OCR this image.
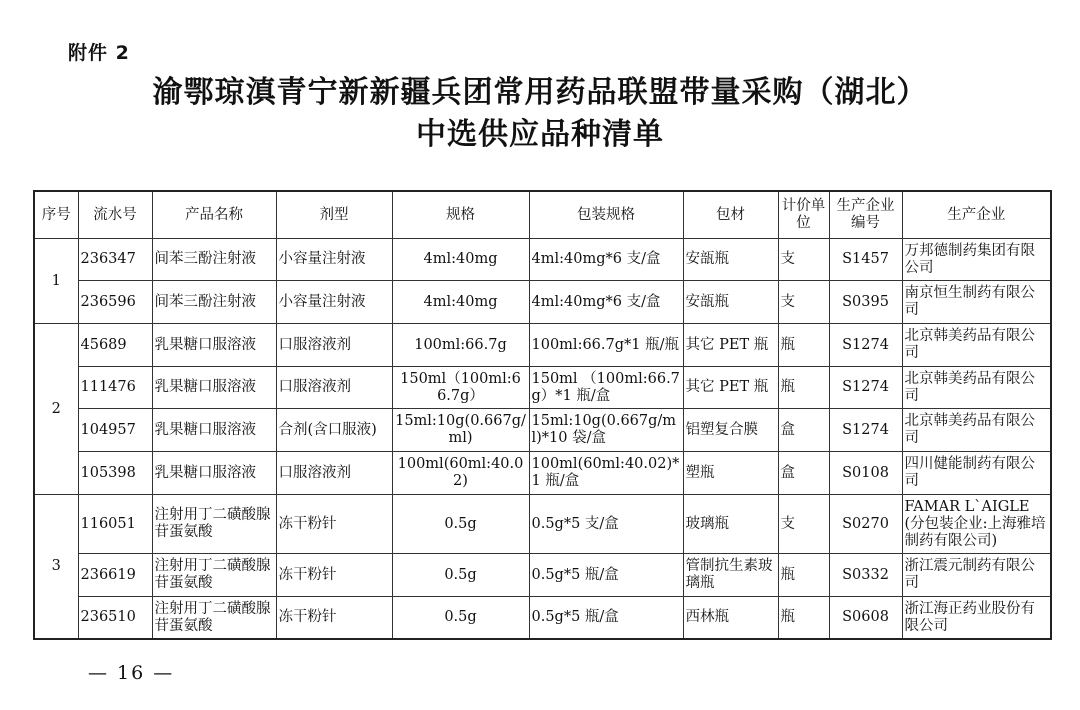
附件 2
渝鄂琼滇青宁新新疆兵团常用药品联盟带量采购（湖北）
中选供应品种清单
序号	流水号	产品名称	剂型	规格	包装规格	包材	计价单位	生产企业编号	生产企业
1	236347	间苯三酚注射液	小容量注射液	4ml:40mg	4ml:40mg*6 支/盒	安瓿瓶	支	S1457	万邦德制药集团有限公司
	236596	间苯三酚注射液	小容量注射液	4ml:40mg	4ml:40mg*6 支/盒	安瓿瓶	支	S0395	南京恒生制药有限公司
2	45689	乳果糖口服溶液	口服溶液剂	100ml:66.7g	100ml:66.7g*1 瓶/瓶	其它 PET 瓶	瓶	S1274	北京韩美药品有限公司
	111476	乳果糖口服溶液	口服溶液剂	150ml（100ml:66.7g）	150ml （100ml:66.7g）*1 瓶/盒	其它 PET 瓶	瓶	S1274	北京韩美药品有限公司
	104957	乳果糖口服溶液	合剂(含口服液)	15ml:10g(0.667g/ml)	15ml:10g(0.667g/ml)*10 袋/盒	铝塑复合膜	盒	S1274	北京韩美药品有限公司
	105398	乳果糖口服溶液	口服溶液剂	100ml(60ml:40.02)	100ml(60ml:40.02)*1 瓶/盒	塑瓶	盒	S0108	四川健能制药有限公司
3	116051	注射用丁二磺酸腺苷蛋氨酸	冻干粉针	0.5g	0.5g*5 支/盒	玻璃瓶	支	S0270	FAMAR L`AIGLE (分包装企业:上海雅培制药有限公司)
	236619	注射用丁二磺酸腺苷蛋氨酸	冻干粉针	0.5g	0.5g*5 瓶/盒	管制抗生素玻璃瓶	瓶	S0332	浙江震元制药有限公司
	236510	注射用丁二磺酸腺苷蛋氨酸	冻干粉针	0.5g	0.5g*5 瓶/盒	西林瓶	瓶	S0608	浙江海正药业股份有限公司
— 16 —
